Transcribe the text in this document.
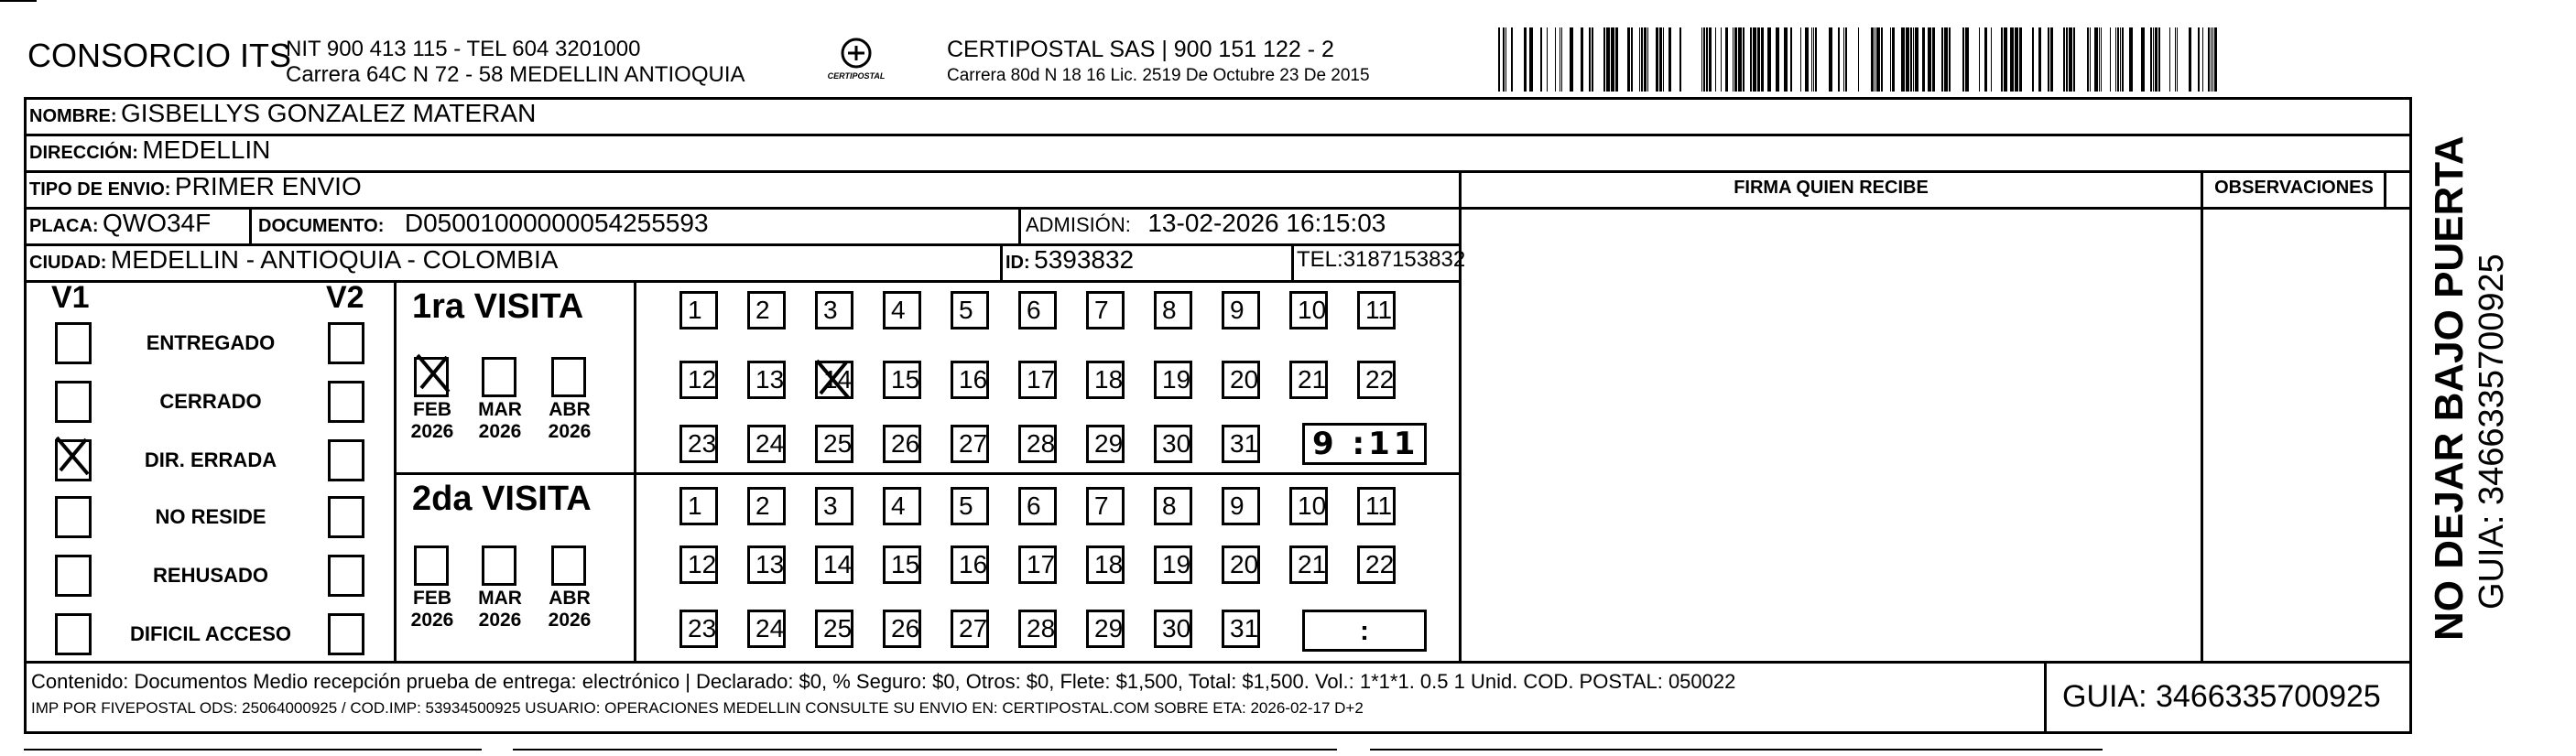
CONSORCIO ITS
NIT 900 413 115 - TEL 604 3201000
Carrera 64C N 72 - 58 MEDELLIN ANTIOQUIA	CERTIPOSTAL
CERTIPOSTAL SAS | 900 151 122 - 2
Carrera 80d N 18 16 Lic. 2519 De Octubre 23 De 2015
NOMBRE: GISBELLYS GONZALEZ MATERAN
DIRECCIÓN: MEDELLIN
TIPO DE ENVIO: PRIMER ENVIO	FIRMA QUIEN RECIBE	OBSERVACIONES
PLACA: QWO34F	DOCUMENTO: D05001000000054255593	ADMISIÓN: 13-02-2026 16:15:03
CIUDAD: MEDELLIN - ANTIOQUIA - COLOMBIA	ID: 5393832	TEL:3187153832
V1	V2
ENTREGADO
CERRADO
DIR. ERRADA
NO RESIDE
REHUSADO
DIFICIL ACCESO
1ra VISITA
2da VISITA
FEB
2026
MAR
2026
ABR
2026
FEB
2026
MAR
2026
ABR
2026
1	2	3	4	5	6	7	8	9	10	11
12	13	14	15	16	17	18	19	20	21	22
23	24	25	26	27	28	29	30	31
1	2	3	4	5	6	7	8	9	10	11
12	13	14	15	16	17	18	19	20	21	22
23	24	25	26	27	28	29	30	31
9 :11
:
Contenido: Documentos Medio recepción prueba de entrega: electrónico | Declarado: $0, % Seguro: $0, Otros: $0, Flete: $1,500, Total: $1,500. Vol.: 1*1*1. 0.5 1 Unid. COD. POSTAL: 050022
IMP POR FIVEPOSTAL ODS: 25064000925 / COD.IMP: 53934500925 USUARIO: OPERACIONES MEDELLIN CONSULTE SU ENVIO EN: CERTIPOSTAL.COM SOBRE ETA: 2026-02-17 D+2	GUIA: 3466335700925
NO DEJAR BAJO PUERTA GUIA: 3466335700925
